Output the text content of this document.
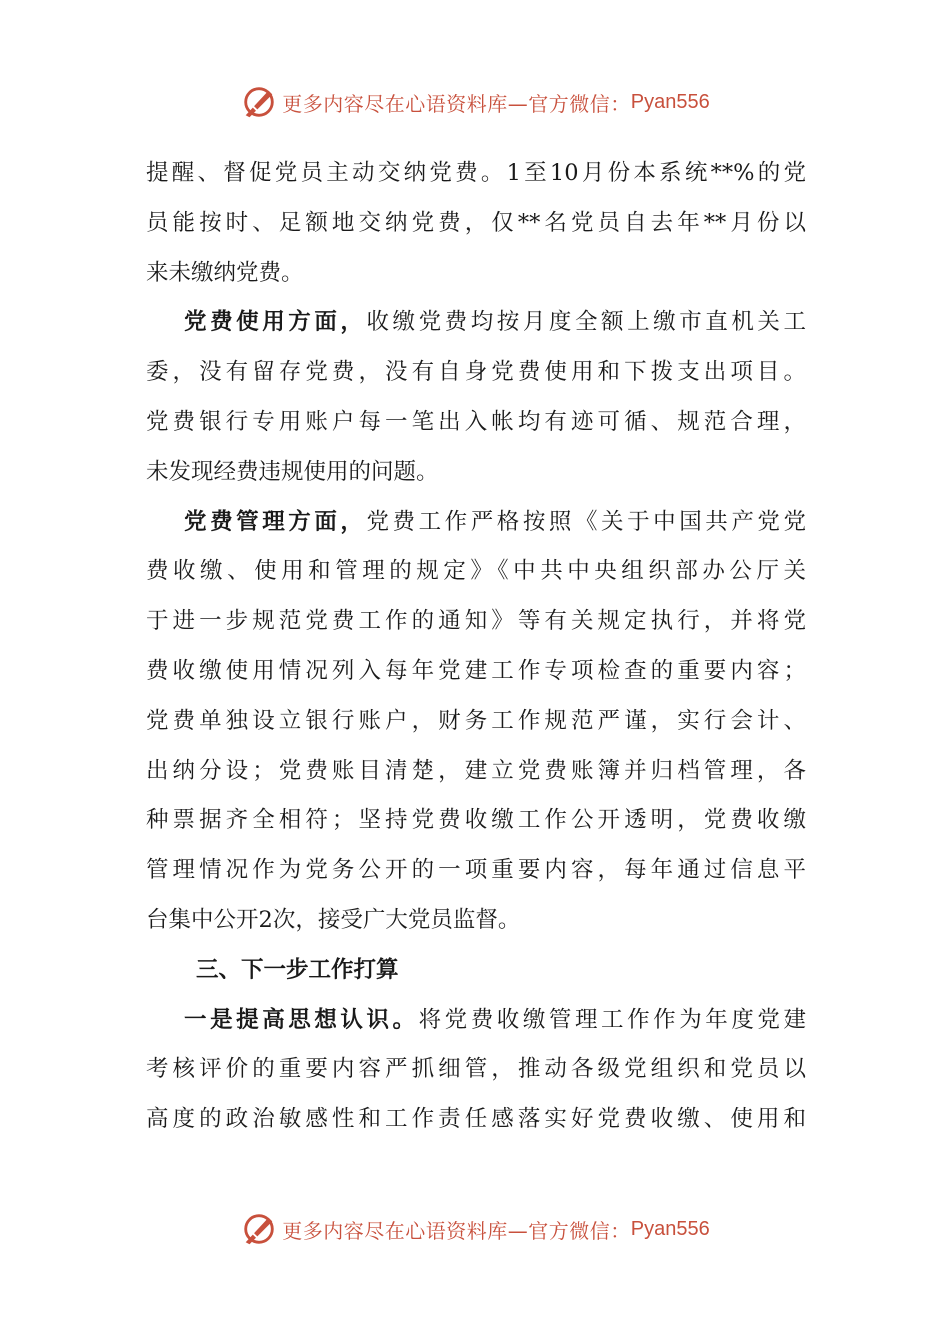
更多内容尽在心语资料库—官方微信： Pyan556
提醒、督促党员主动交纳党费。1至10月份本系统**%的党
员能按时、足额地交纳党费，仅**名党员自去年**月份以
来未缴纳党费。
党费使用方面，收缴党费均按月度全额上缴市直机关工
委，没有留存党费，没有自身党费使用和下拨支出项目。
党费银行专用账户每一笔出入帐均有迹可循、规范合理，
未发现经费违规使用的问题。
党费管理方面，党费工作严格按照《关于中国共产党党
费收缴、使用和管理的规定》《中共中央组织部办公厅关
于进一步规范党费工作的通知》等有关规定执行，并将党
费收缴使用情况列入每年党建工作专项检查的重要内容；
党费单独设立银行账户，财务工作规范严谨，实行会计、
出纳分设；党费账目清楚，建立党费账簿并归档管理，各
种票据齐全相符；坚持党费收缴工作公开透明，党费收缴
管理情况作为党务公开的一项重要内容，每年通过信息平
台集中公开2次，接受广大党员监督。
三、下一步工作打算
一是提高思想认识。将党费收缴管理工作作为年度党建
考核评价的重要内容严抓细管，推动各级党组织和党员以
高度的政治敏感性和工作责任感落实好党费收缴、使用和
更多内容尽在心语资料库—官方微信： Pyan556
